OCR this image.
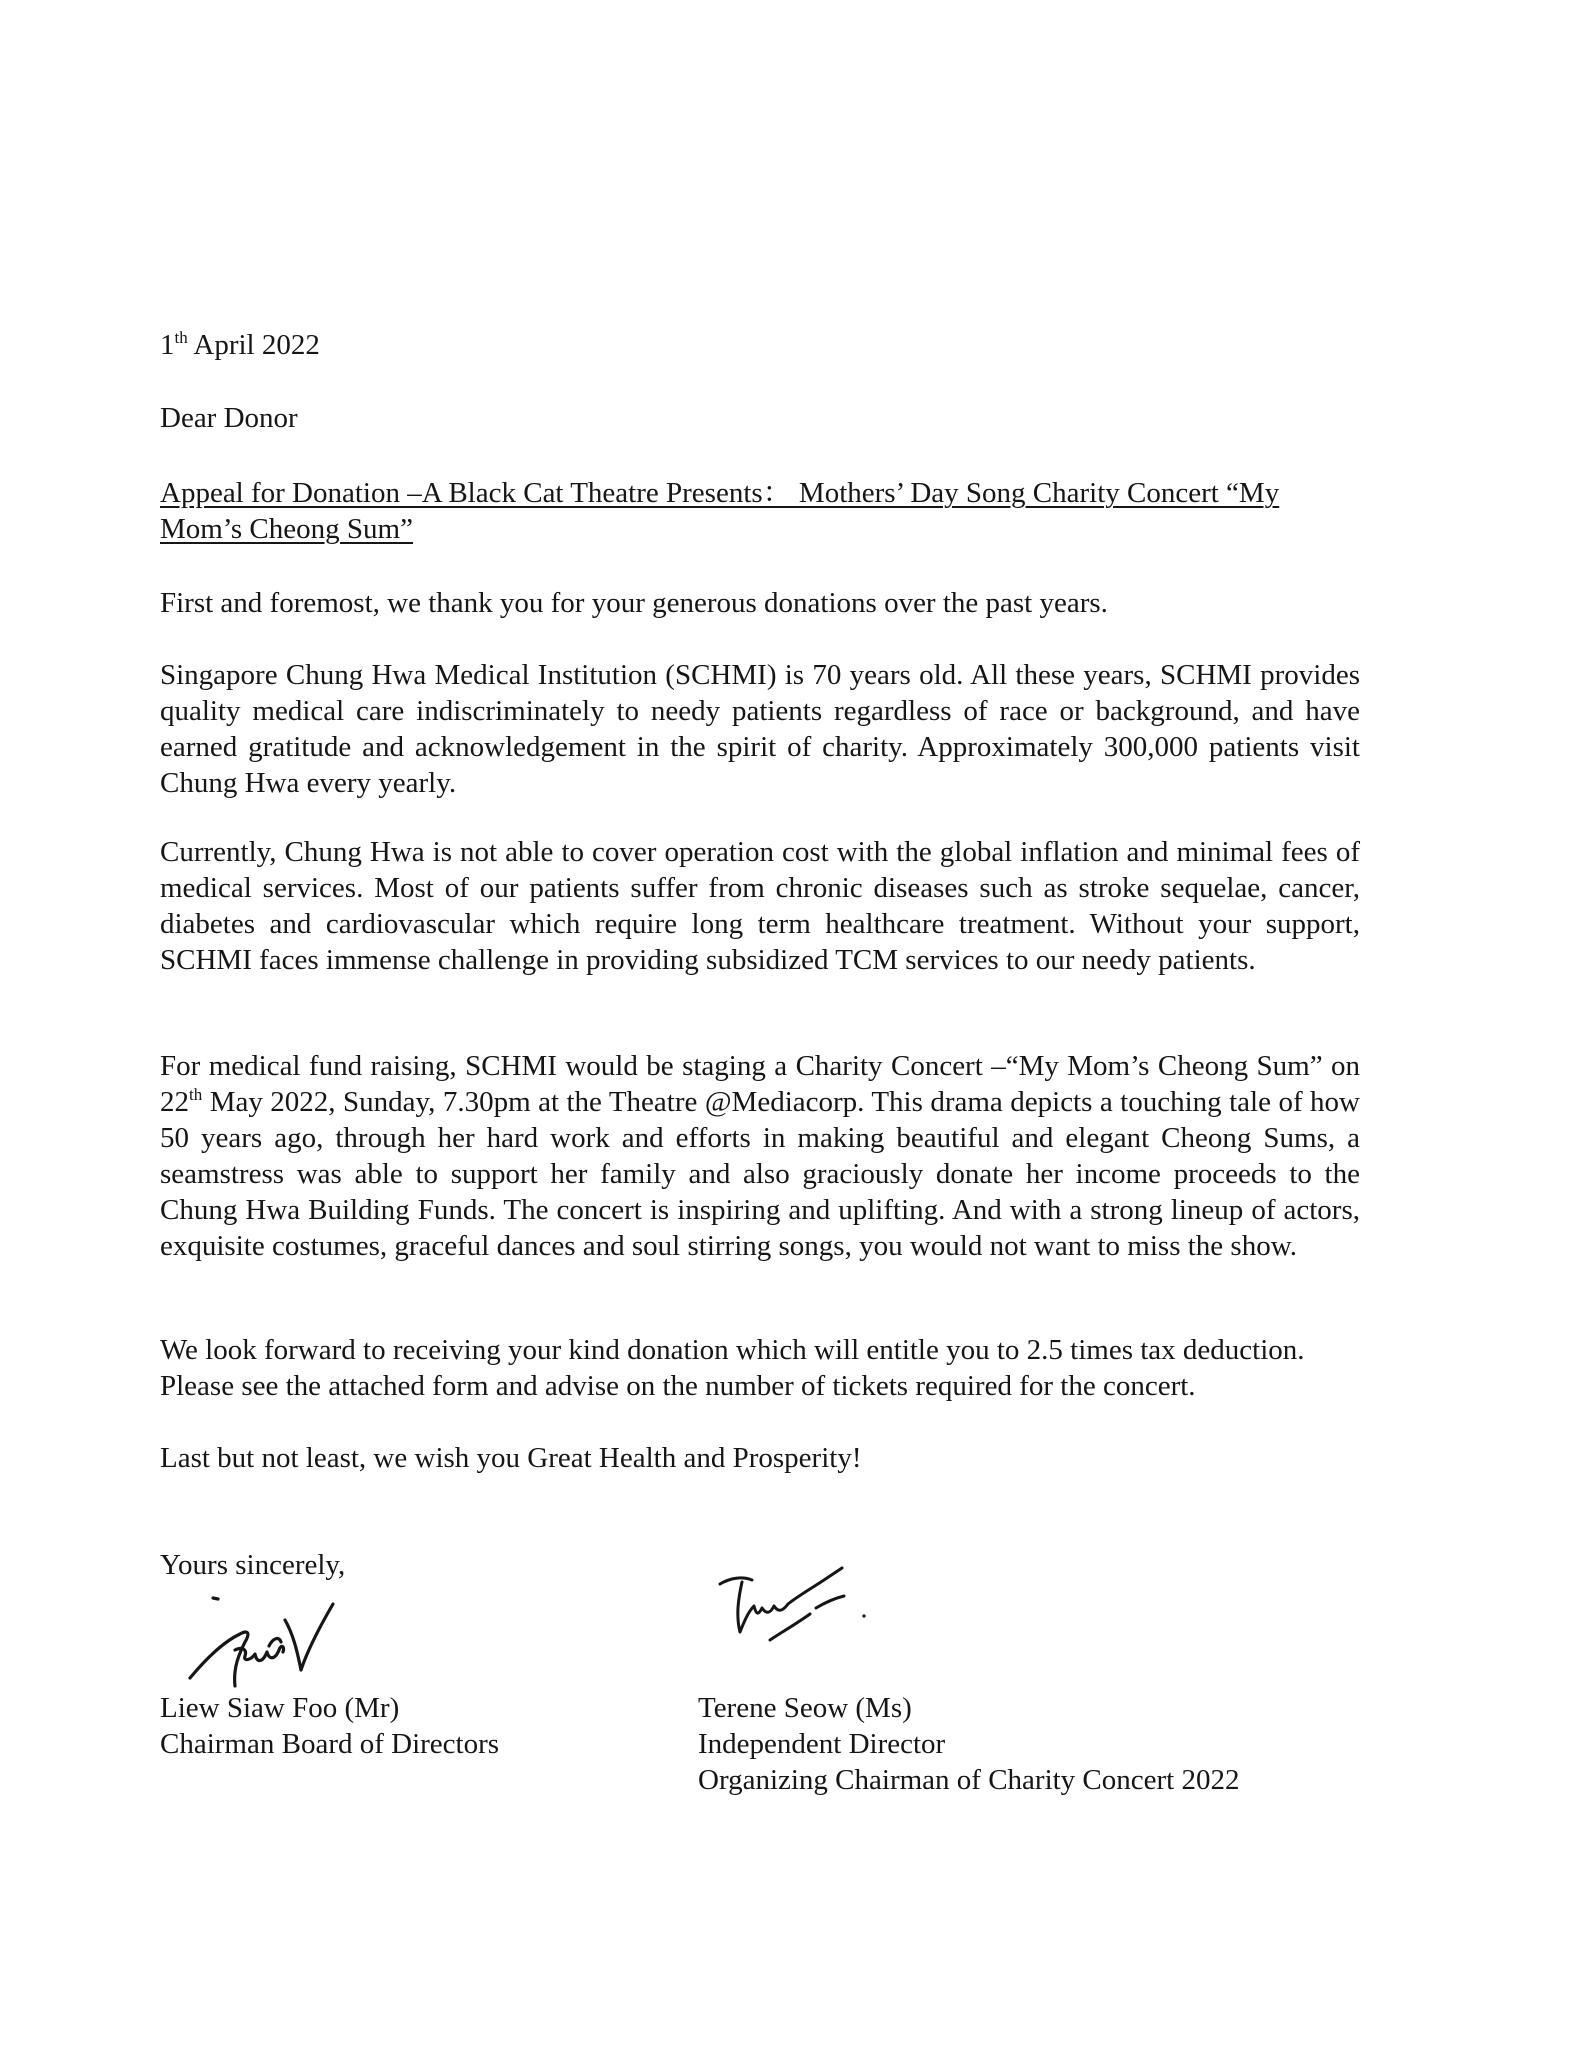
1th April 2022

Dear Donor

Appeal for Donation –A Black Cat Theatre Presents： Mothers’ Day Song Charity Concert “My Mom’s Cheong Sum”

First and foremost, we thank you for your generous donations over the past years.

Singapore Chung Hwa Medical Institution (SCHMI) is 70 years old. All these years, SCHMI provides quality medical care indiscriminately to needy patients regardless of race or background, and have earned gratitude and acknowledgement in the spirit of charity. Approximately 300,000 patients visit Chung Hwa every yearly.

Currently, Chung Hwa is not able to cover operation cost with the global inflation and minimal fees of medical services. Most of our patients suffer from chronic diseases such as stroke sequelae, cancer, diabetes and cardiovascular which require long term healthcare treatment. Without your support, SCHMI faces immense challenge in providing subsidized TCM services to our needy patients.

For medical fund raising, SCHMI would be staging a Charity Concert –“My Mom’s Cheong Sum” on 22th May 2022, Sunday, 7.30pm at the Theatre @Mediacorp. This drama depicts a touching tale of how 50 years ago, through her hard work and efforts in making beautiful and elegant Cheong Sums, a seamstress was able to support her family and also graciously donate her income proceeds to the Chung Hwa Building Funds. The concert is inspiring and uplifting. And with a strong lineup of actors, exquisite costumes, graceful dances and soul stirring songs, you would not want to miss the show.

We look forward to receiving your kind donation which will entitle you to 2.5 times tax deduction. Please see the attached form and advise on the number of tickets required for the concert.

Last but not least, we wish you Great Health and Prosperity!

Yours sincerely,

Liew Siaw Foo (Mr)
Chairman Board of Directors
Terene Seow (Ms)
Independent Director
Organizing Chairman of Charity Concert 2022
